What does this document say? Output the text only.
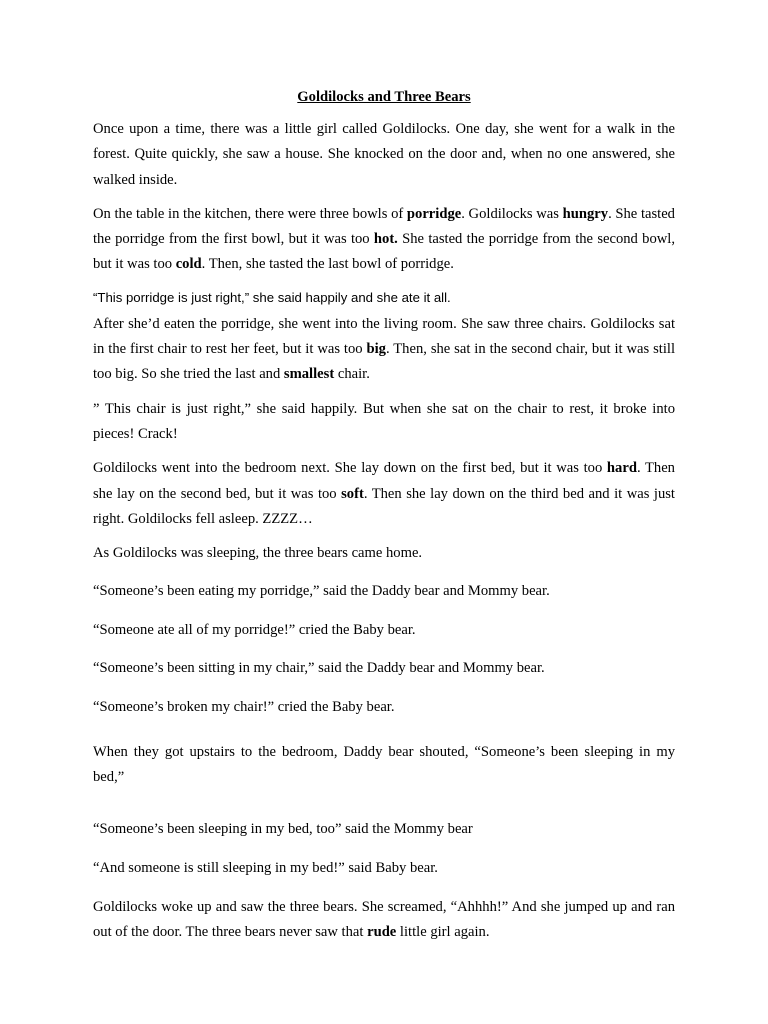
Goldilocks and Three Bears

Once upon a time, there was a little girl called Goldilocks. One day, she went for a walk in the forest. Quite quickly, she saw a house. She knocked on the door and, when no one answered, she walked inside.

On the table in the kitchen, there were three bowls of porridge. Goldilocks was hungry. She tasted the porridge from the first bowl, but it was too hot. She tasted the porridge from the second bowl, but it was too cold. Then, she tasted the last bowl of porridge.

“This porridge is just right,” she said happily and she ate it all.

After she’d eaten the porridge, she went into the living room. She saw three chairs. Goldilocks sat in the first chair to rest her feet, but it was too big. Then, she sat in the second chair, but it was still too big. So she tried the last and smallest chair.

” This chair is just right,” she said happily. But when she sat on the chair to rest, it broke into pieces! Crack!

Goldilocks went into the bedroom next. She lay down on the first bed, but it was too hard. Then she lay on the second bed, but it was too soft. Then she lay down on the third bed and it was just right. Goldilocks fell asleep. ZZZZ…

As Goldilocks was sleeping, the three bears came home.

“Someone’s been eating my porridge,” said the Daddy bear and Mommy bear.

“Someone ate all of my porridge!” cried the Baby bear.

“Someone’s been sitting in my chair,” said the Daddy bear and Mommy bear.

“Someone’s broken my chair!” cried the Baby bear.

When they got upstairs to the bedroom, Daddy bear shouted, “Someone’s been sleeping in my bed,”

“Someone’s been sleeping in my bed, too” said the Mommy bear

“And someone is still sleeping in my bed!” said Baby bear.

Goldilocks woke up and saw the three bears. She screamed, “Ahhhh!” And she jumped up and ran out of the door. The three bears never saw that rude little girl again.
